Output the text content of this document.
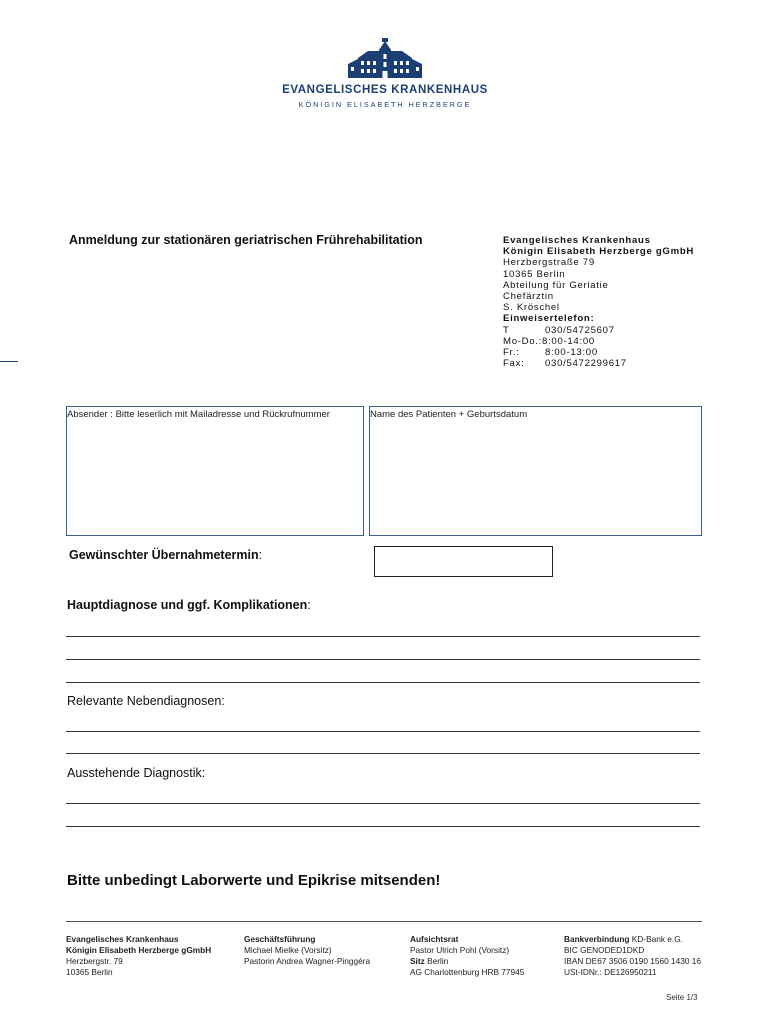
EVANGELISCHES KRANKENHAUS
KÖNIGIN ELISABETH HERZBERGE
Anmeldung zur stationären geriatrischen Frührehabilitation	Evangelisches Krankenhaus
Königin Elisabeth Herzberge gGmbH
Herzbergstraße 79
10365 Berlin
Abteilung für Geriatie
Chefärztin
S. Kröschel
Einweisertelefon:
T	030/54725607
Mo-Do.:8:00-14:00
Fr.:	8:00-13:00
Fax: 030/5472299617
Absender : Bitte leserlich mit Mailadresse und Rückrufnummer	Name des Patienten + Geburtsdatum
Gewünschter Übernahmetermin:
Hauptdiagnose und ggf. Komplikationen:
Relevante Nebendiagnosen:
Ausstehende Diagnostik:
Bitte unbedingt Laborwerte und Epikrise mitsenden!
Evangelisches Krankenhaus
Königin Elisabeth Herzberge gGmbH
Herzbergstr. 79
10365 Berlin
Geschäftsführung
Michael Mielke (Vorsitz)
Pastorin Andrea Wagner-Pinggéra
Aufsichtsrat
Pastor Ulrich Pohl (Vorsitz)
Sitz Berlin
AG Charlottenburg HRB 77945
Bankverbindung KD-Bank e.G.
BIC GENODED1DKD
IBAN DE67 3506 0190 1560 1430 16
USt-IDNr.: DE126950211
Seite 1/3
